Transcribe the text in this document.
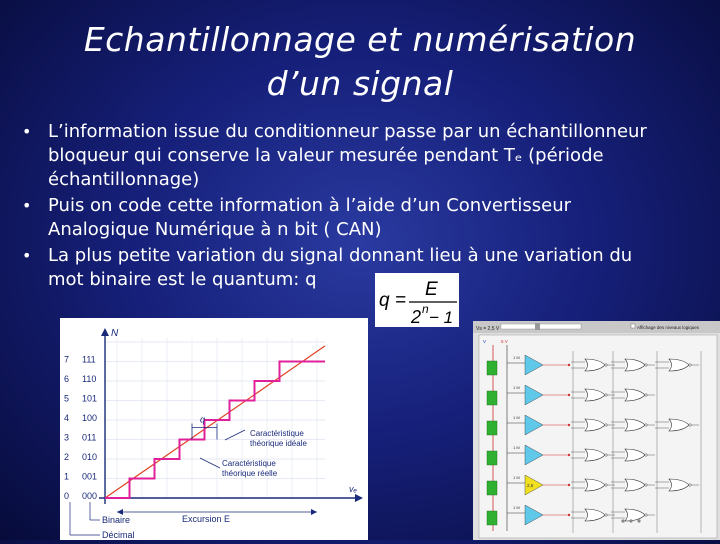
Echantillonnage et numérisation
d’un signal
• L’information issue du conditionneur passe par un échantillonneur
bloqueur qui conserve la valeur mesurée pendant Tₑ (période
échantillonnage)
• Puis on code cette information à l’aide d’un Convertisseur
Analogique Numérique à n bit ( CAN)
• La plus petite variation du signal donnant lieu à une variation du
mot binaire est le quantum: q
q =
E
2 n − 1
N
vₑ
7 111
6 110
5 101
4 100
3 011
2 010
1 001
0 000
q
Caractéristique
théorique idéale
Caractéristique
théorique réelle
Excursion E
Binaire
Décimal
Vs = 2,5 V	Affichage des niveaux logiques
V	5 V
1 M
1 M
1 M
1 M
1 M
2,5
1 M
